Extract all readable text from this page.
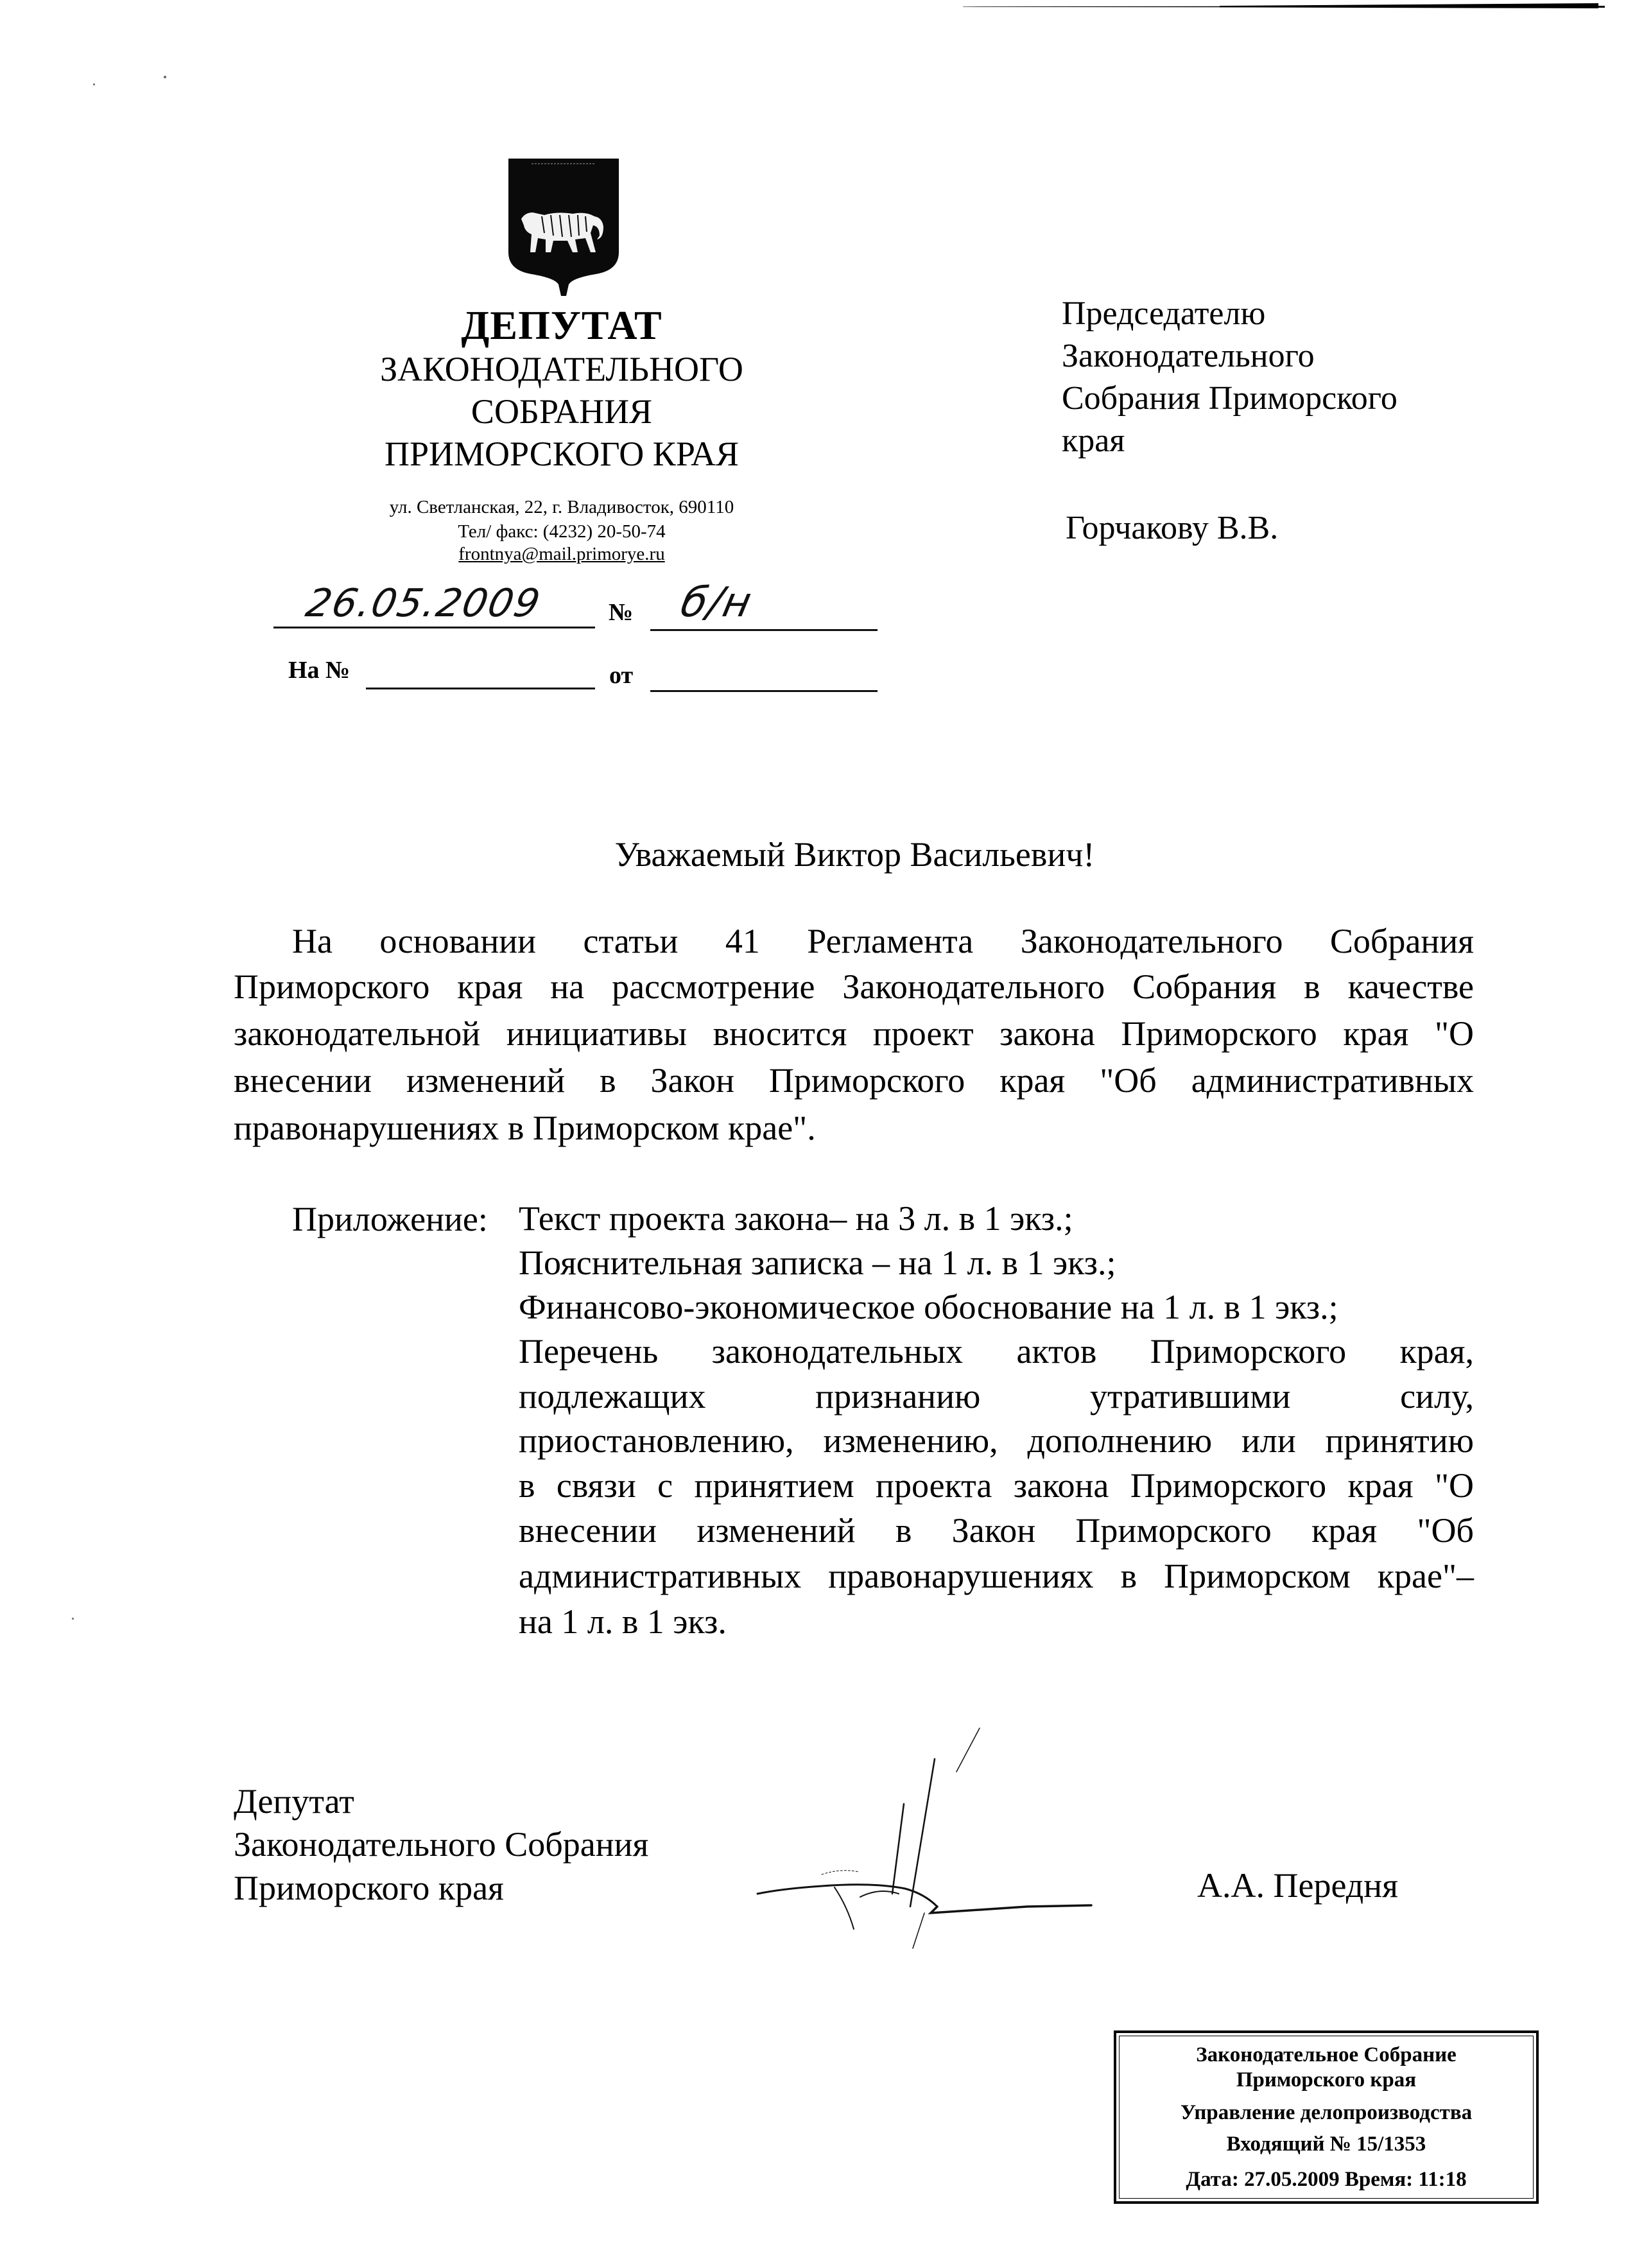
ДЕПУТАТ
ЗАКОНОДАТЕЛЬНОГО
СОБРАНИЯ
ПРИМОРСКОГО КРАЯ
ул. Светланская, 22, г. Владивосток, 690110
Тел/ факс: (4232) 20-50-74
frontnya@mail.primorye.ru
26.05.2009	№ б/н
На №	от
Председателю
Законодательного
Собрания Приморского
края
Горчакову В.В.
Уважаемый Виктор Васильевич!
На основании статьи 41 Регламента Законодательного Собрания
Приморского края на рассмотрение Законодательного Собрания в качестве
законодательной инициативы вносится проект закона Приморского края "О
внесении изменений в Закон Приморского края "Об административных
правонарушениях в Приморском крае".
Приложение: Текст проекта закона– на 3 л. в 1 экз.;
Пояснительная записка – на 1 л. в 1 экз.;
Финансово-экономическое обоснование на 1 л. в 1 экз.;
Перечень законодательных актов Приморского края,
подлежащих признанию утратившими силу,
приостановлению, изменению, дополнению или принятию
в связи с принятием проекта закона Приморского края "О
внесении изменений в Закон Приморского края "Об
административных правонарушениях в Приморском крае"–
на 1 л. в 1 экз.
Депутат
Законодательного Собрания
Приморского края	А.А. Передня
Законодательное Собрание
Приморского края
Управление делопроизводства
Входящий № 15/1353
Дата: 27.05.2009 Время: 11:18
